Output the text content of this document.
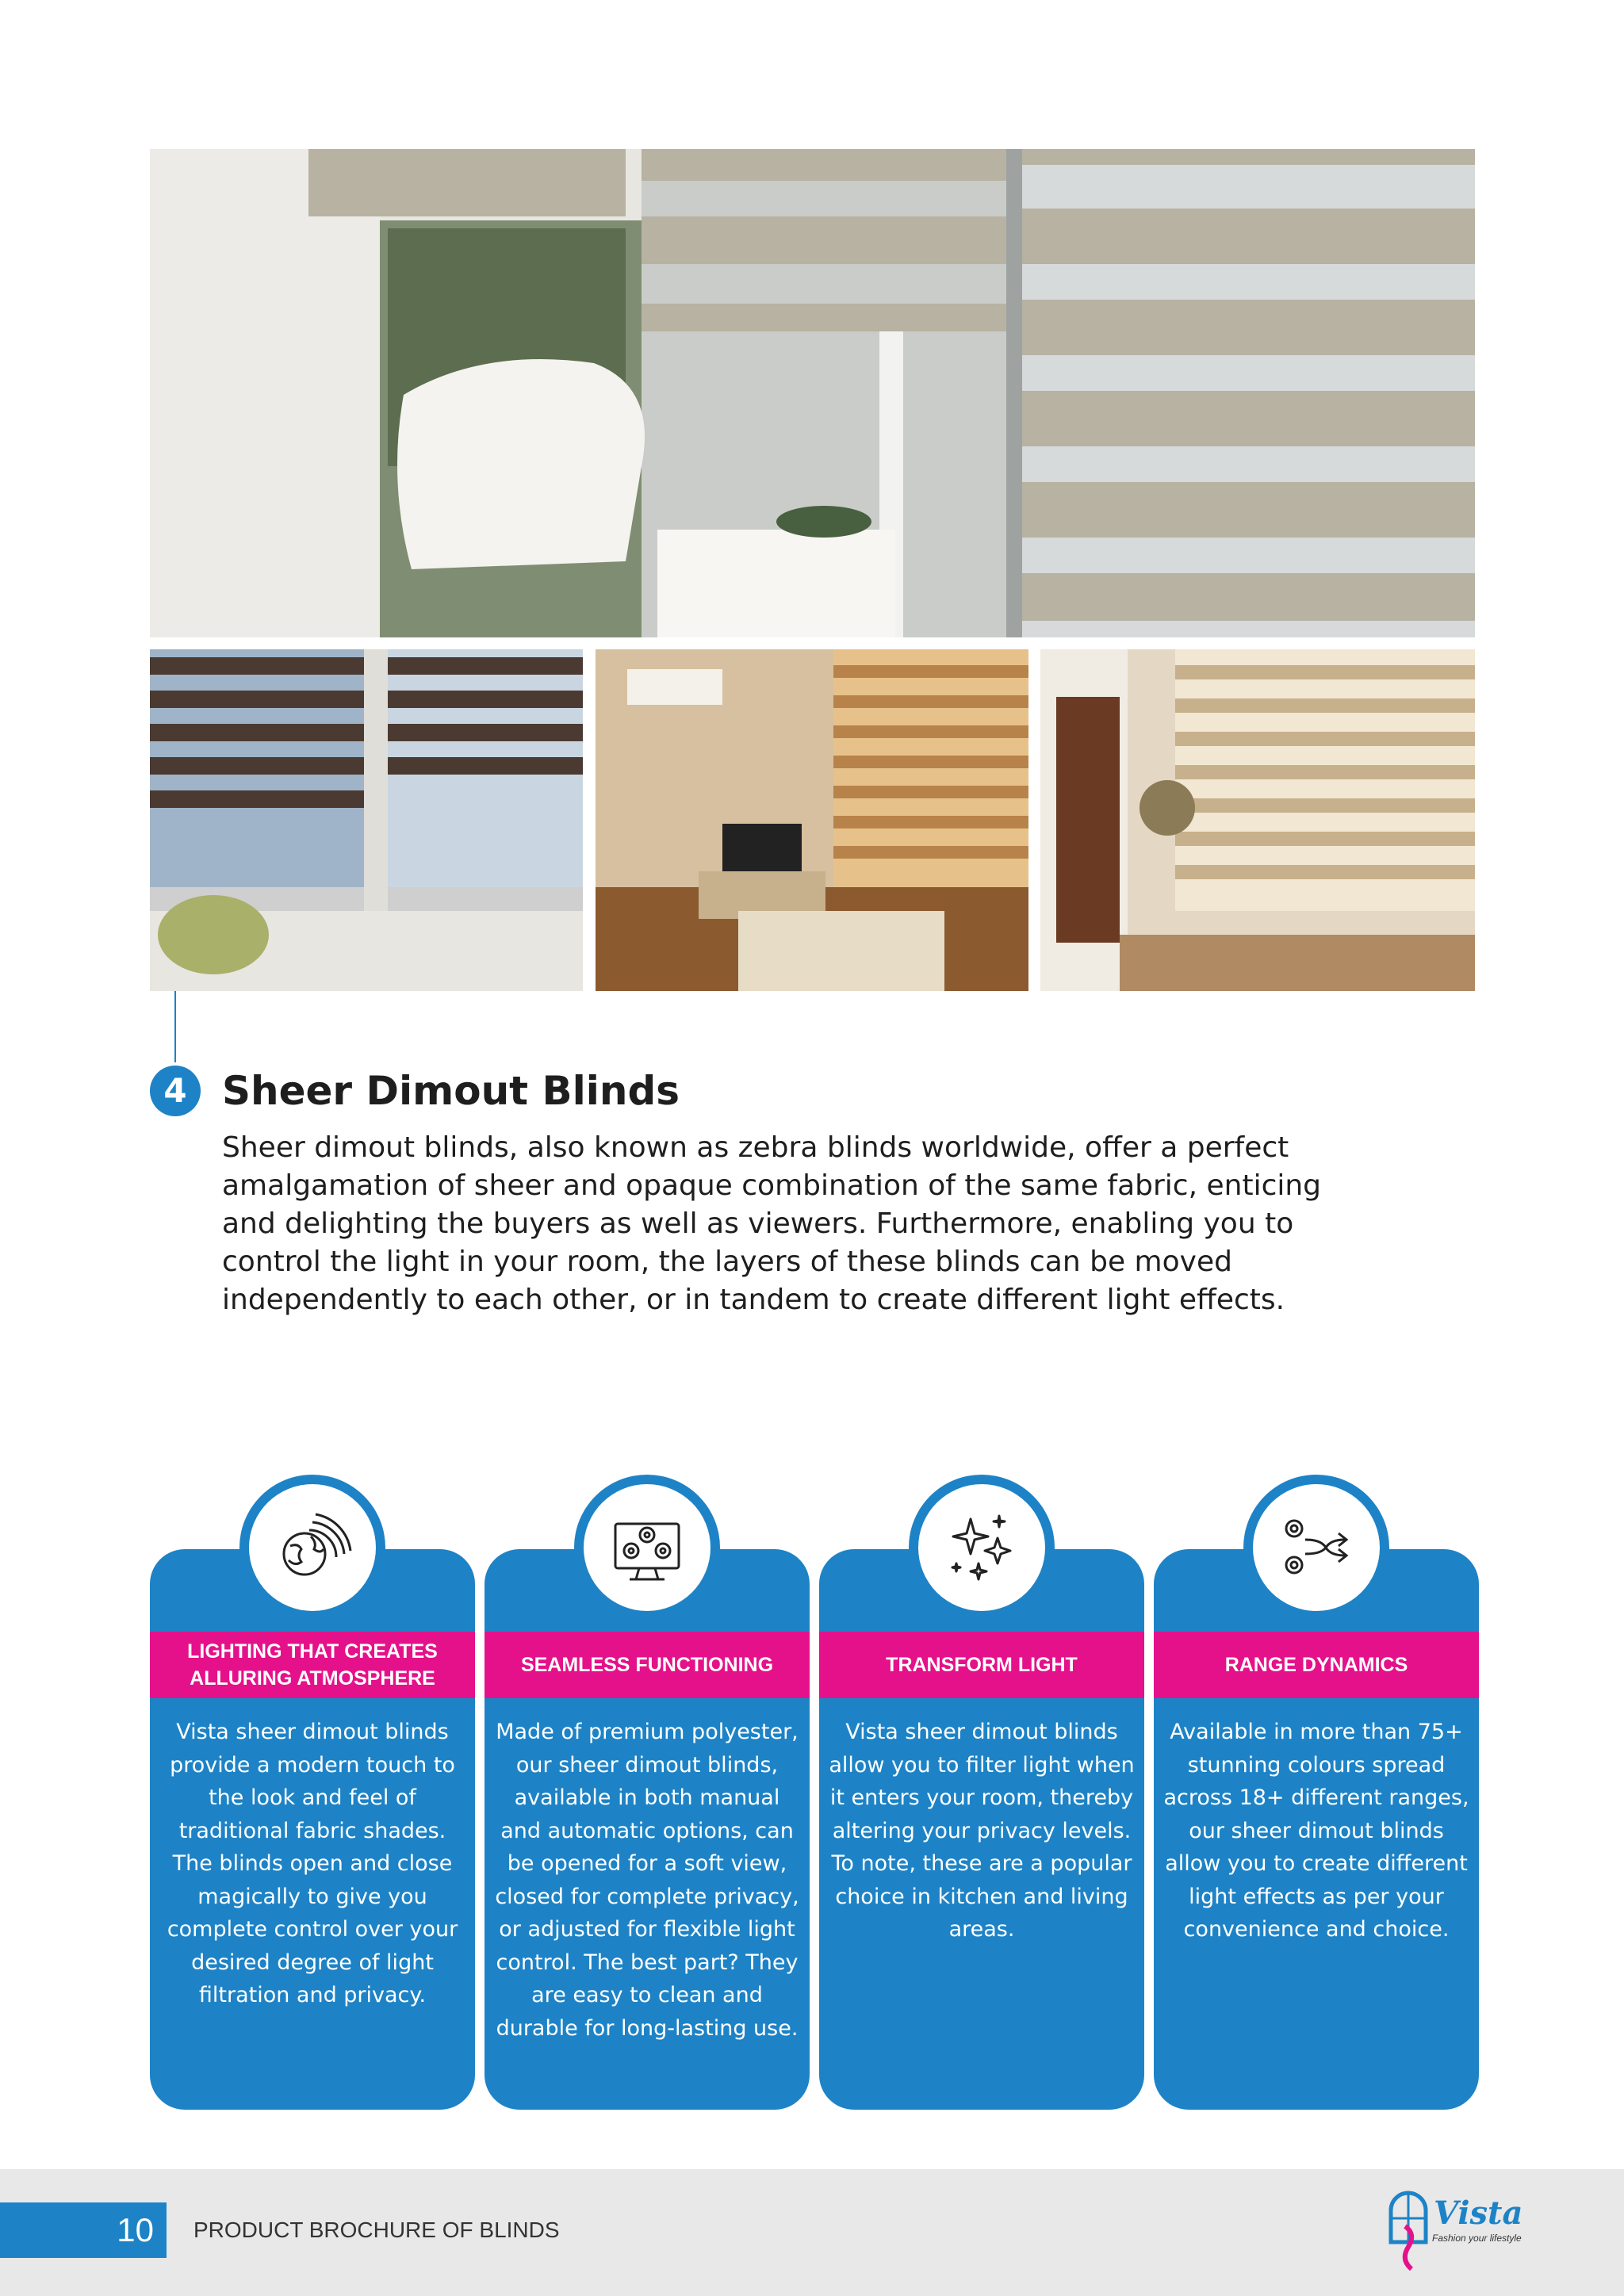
4 Sheer Dimout Blinds

Sheer dimout blinds, also known as zebra blinds worldwide, offer a perfect amalgamation of sheer and opaque combination of the same fabric, enticing and delighting the buyers as well as viewers. Furthermore, enabling you to control the light in your room, the layers of these blinds can be moved independently to each other, or in tandem to create different light effects.

LIGHTING THAT CREATES ALLURING ATMOSPHERE

Vista sheer dimout blinds provide a modern touch to the look and feel of traditional fabric shades. The blinds open and close magically to give you complete control over your desired degree of light filtration and privacy.

SEAMLESS FUNCTIONING

Made of premium polyester, our sheer dimout blinds, available in both manual and automatic options, can be opened for a soft view, closed for complete privacy, or adjusted for flexible light control. The best part? They are easy to clean and durable for long-lasting use.

TRANSFORM LIGHT

Vista sheer dimout blinds allow you to filter light when it enters your room, thereby altering your privacy levels. To note, these are a popular choice in kitchen and living areas.

RANGE DYNAMICS

Available in more than 75+ stunning colours spread across 18+ different ranges, our sheer dimout blinds allow you to create different light effects as per your convenience and choice.

10	PRODUCT BROCHURE OF BLINDS	Vista
Fashion your lifestyle
